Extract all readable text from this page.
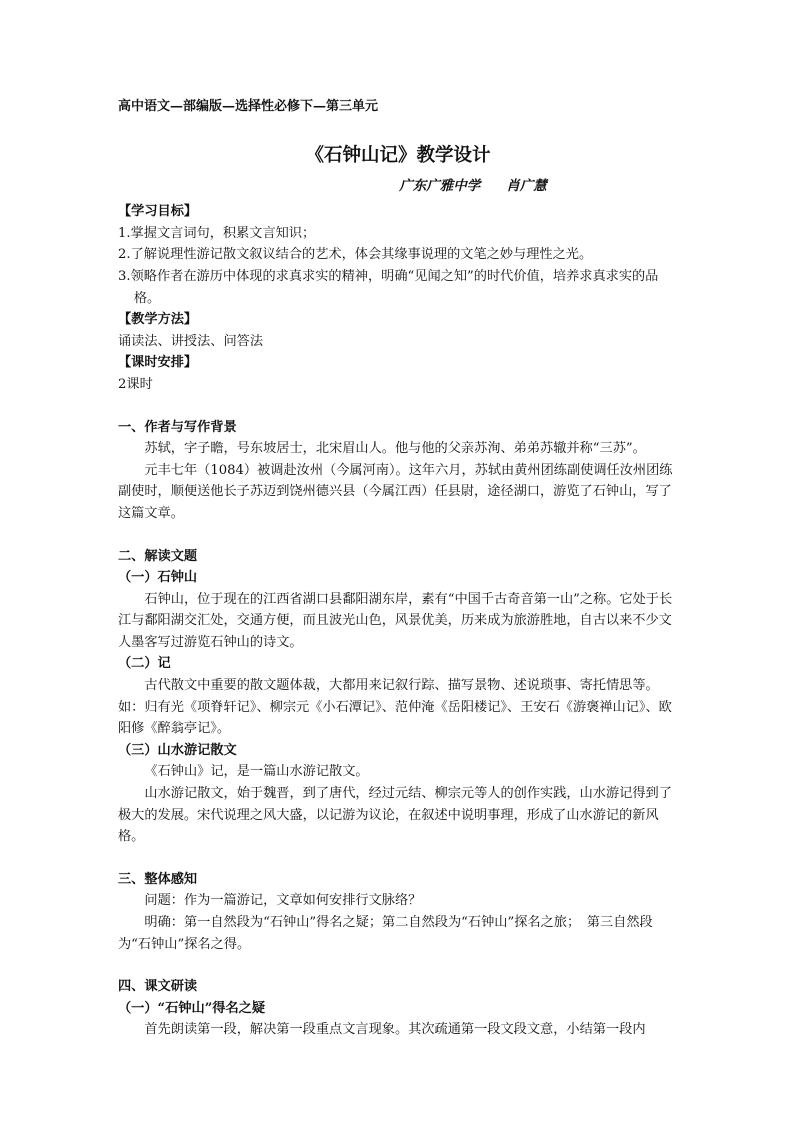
高中语文—部编版—选择性必修下—第三单元
《石钟山记》教学设计
广东广雅中学 肖广慧

【学习目标】

1.掌握文言词句，积累文言知识；

2.了解说理性游记散文叙议结合的艺术，体会其缘事说理的文笔之妙与理性之光。

3.领略作者在游历中体现的求真求实的精神，明确“见闻之知”的时代价值，培养求真求实的品格。

【教学方法】

诵读法、讲授法、问答法

【课时安排】

2课时

一、作者与写作背景

苏轼，字子瞻，号东坡居士，北宋眉山人。他与他的父亲苏洵、弟弟苏辙并称“三苏”。

元丰七年（1084）被调赴汝州（今属河南）。这年六月，苏轼由黄州团练副使调任汝州团练副使时，顺便送他长子苏迈到饶州德兴县（今属江西）任县尉，途径湖口，游览了石钟山，写了这篇文章。

二、解读文题

（一）石钟山

石钟山，位于现在的江西省湖口县鄱阳湖东岸，素有“中国千古奇音第一山”之称。它处于长江与鄱阳湖交汇处，交通方便，而且波光山色，风景优美，历来成为旅游胜地，自古以来不少文人墨客写过游览石钟山的诗文。

（二）记

古代散文中重要的散文题体裁，大都用来记叙行踪、描写景物、述说琐事、寄托情思等。如：归有光《项脊轩记》、柳宗元《小石潭记》、范仲淹《岳阳楼记》、王安石《游褒禅山记》、欧阳修《醉翁亭记》。

（三）山水游记散文

《石钟山》记，是一篇山水游记散文。

山水游记散文，始于魏晋，到了唐代，经过元结、柳宗元等人的创作实践，山水游记得到了极大的发展。宋代说理之风大盛，以记游为议论，在叙述中说明事理，形成了山水游记的新风格。

三、整体感知

问题：作为一篇游记，文章如何安排行文脉络？

明确：第一自然段为“石钟山”得名之疑；第二自然段为“石钟山”探名之旅；　第三自然段为“石钟山”探名之得。

四、课文研读

（一）“石钟山”得名之疑

首先朗读第一段，解决第一段重点文言现象。其次疏通第一段文段文意，小结第一段内
